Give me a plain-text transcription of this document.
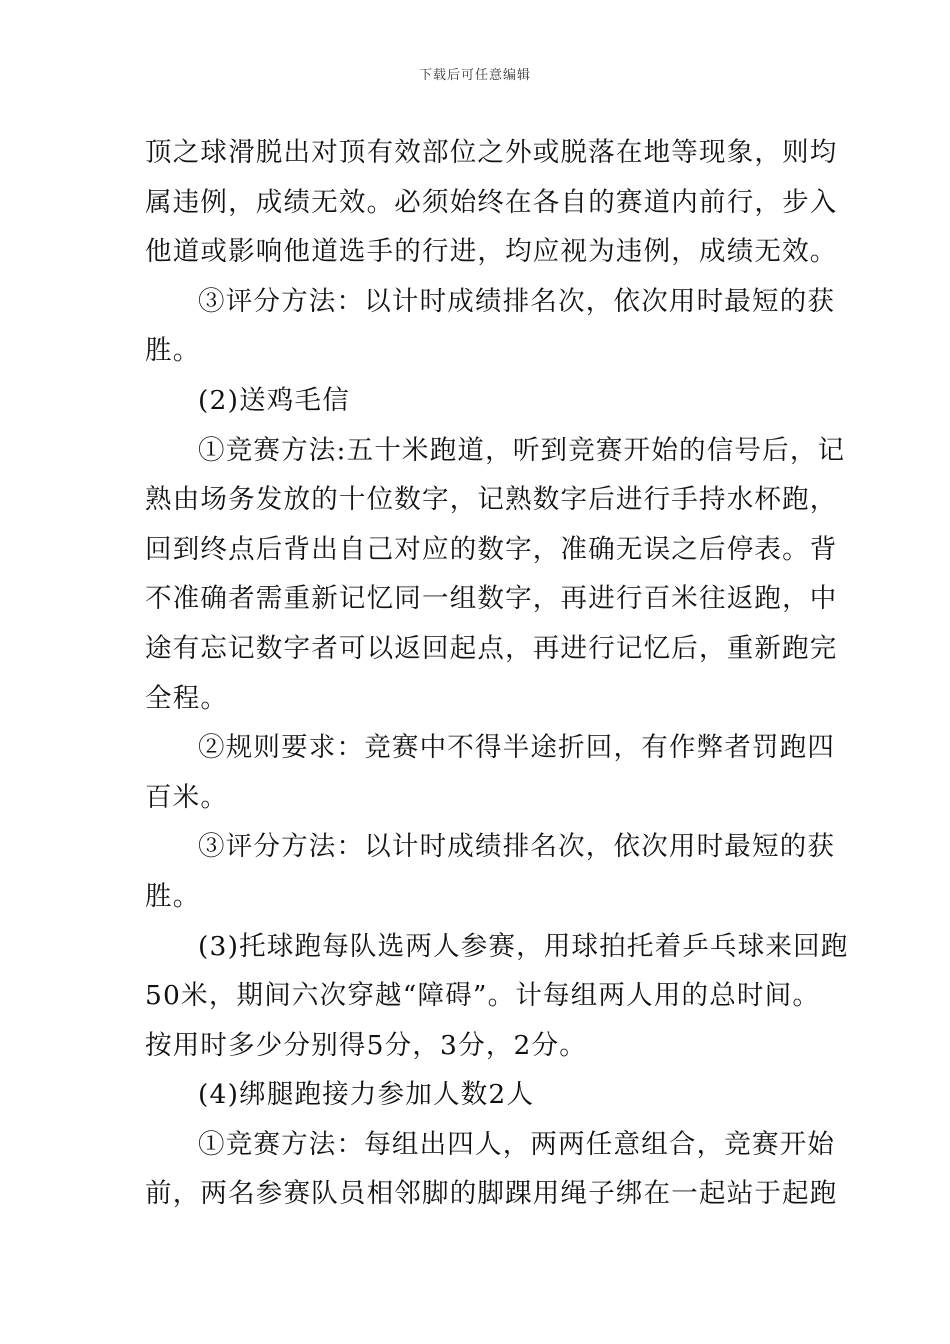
下载后可任意编辑
顶之球滑脱出对顶有效部位之外或脱落在地等现象，则均
属违例，成绩无效。必须始终在各自的赛道内前行，步入
他道或影响他道选手的行进，均应视为违例，成绩无效。
③评分方法：以计时成绩排名次，依次用时最短的获
胜。
(2)送鸡毛信
①竞赛方法:五十米跑道，听到竞赛开始的信号后，记
熟由场务发放的十位数字，记熟数字后进行手持水杯跑，
回到终点后背出自己对应的数字，准确无误之后停表。背
不准确者需重新记忆同一组数字，再进行百米往返跑，中
途有忘记数字者可以返回起点，再进行记忆后，重新跑完
全程。
②规则要求：竞赛中不得半途折回，有作弊者罚跑四
百米。
③评分方法：以计时成绩排名次，依次用时最短的获
胜。
(3)托球跑每队选两人参赛，用球拍托着乒乓球来回跑
50米，期间六次穿越“障碍”。计每组两人用的总时间。
按用时多少分别得5分，3分，2分。
(4)绑腿跑接力参加人数2人
①竞赛方法：每组出四人，两两任意组合，竞赛开始
前，两名参赛队员相邻脚的脚踝用绳子绑在一起站于起跑
